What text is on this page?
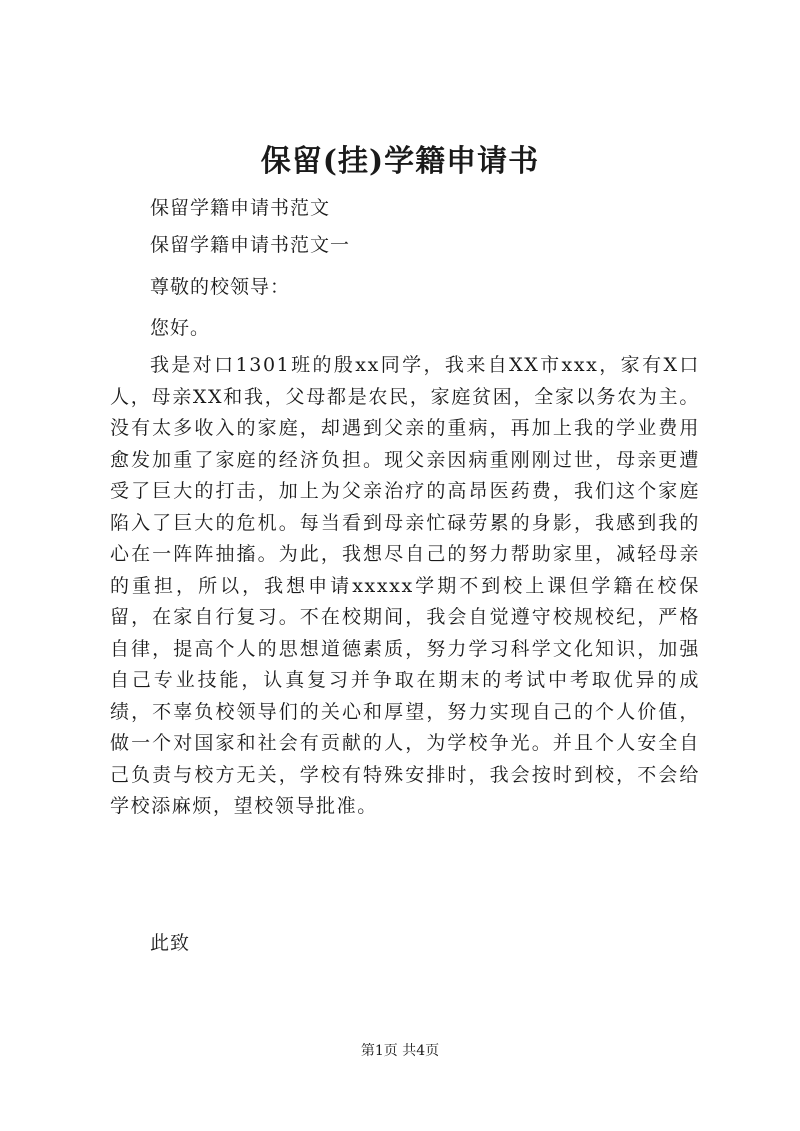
保留(挂)学籍申请书
保留学籍申请书范文
保留学籍申请书范文一
尊敬的校领导：
您好。

我是对口1301班的殷xx同学，我来自XX市xxx，家有X口人，母亲XX和我，父母都是农民，家庭贫困，全家以务农为主。没有太多收入的家庭，却遇到父亲的重病，再加上我的学业费用愈发加重了家庭的经济负担。现父亲因病重刚刚过世，母亲更遭受了巨大的打击，加上为父亲治疗的高昂医药费，我们这个家庭陷入了巨大的危机。每当看到母亲忙碌劳累的身影，我感到我的心在一阵阵抽搐。为此，我想尽自己的努力帮助家里，减轻母亲的重担，所以，我想申请xxxxx学期不到校上课但学籍在校保留，在家自行复习。不在校期间，我会自觉遵守校规校纪，严格自律，提高个人的思想道德素质，努力学习科学文化知识，加强自己专业技能，认真复习并争取在期末的考试中考取优异的成绩，不辜负校领导们的关心和厚望，努力实现自己的个人价值，做一个对国家和社会有贡献的人，为学校争光。并且个人安全自己负责与校方无关，学校有特殊安排时，我会按时到校，不会给学校添麻烦，望校领导批准。

此致
第1页 共4页
